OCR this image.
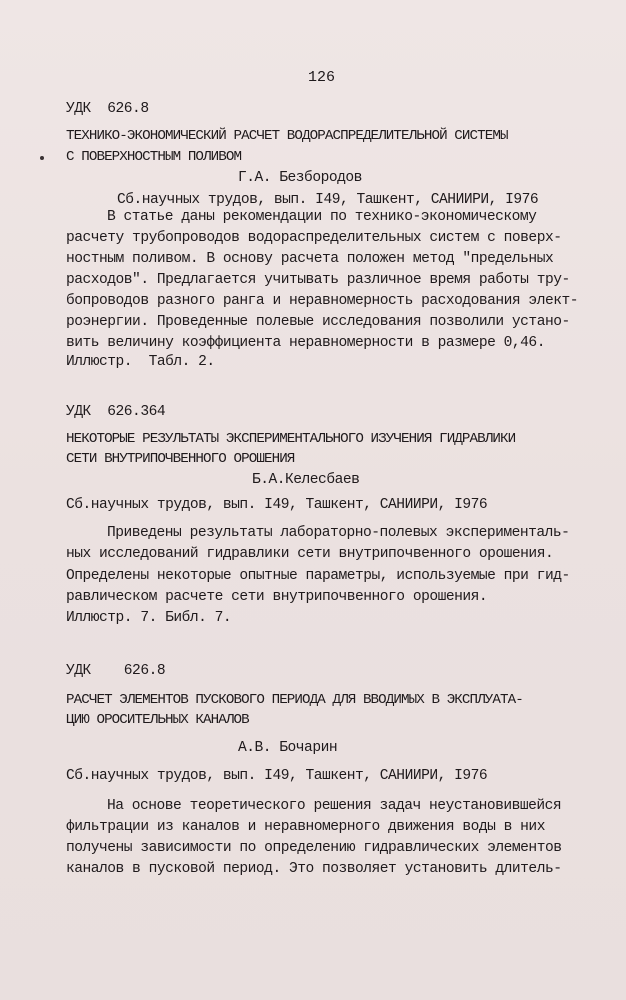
126
УДК  626.8
ТЕХНИКО-ЭКОНОМИЧЕСКИЙ РАСЧЕТ ВОДОРАСПРЕДЕЛИТЕЛЬНОЙ СИСТЕМЫ
С ПОВЕРХНОСТНЫМ ПОЛИВОМ
Г.А. Безбородов
Сб.научных трудов, вып. I49, Ташкент, САНИИРИ, I976
В статье даны рекомендации по технико-экономическому
расчету трубопроводов водораспределительных систем с поверх-
ностным поливом. В основу расчета положен метод "предельных
расходов". Предлагается учитывать различное время работы тру-
бопроводов разного ранга и неравномерность расходования элект-
роэнергии. Проведенные полевые исследования позволили устано-
вить величину коэффициента неравномерности в размере 0,46.
Иллюстр.  Табл. 2.
УДК  626.364
НЕКОТОРЫЕ РЕЗУЛЬТАТЫ ЭКСПЕРИМЕНТАЛЬНОГО ИЗУЧЕНИЯ ГИДРАВЛИКИ
СЕТИ ВНУТРИПОЧВЕННОГО ОРОШЕНИЯ
Б.А.Келесбаев
Сб.научных трудов, вып. I49, Ташкент, САНИИРИ, I976
Приведены результаты лабораторно-полевых эксперименталь-
ных исследований гидравлики сети внутрипочвенного орошения.
Определены некоторые опытные параметры, используемые при гид-
равлическом расчете сети внутрипочвенного орошения.
Иллюстр. 7. Библ. 7.
УДК    626.8
РАСЧЕТ ЭЛЕМЕНТОВ ПУСКОВОГО ПЕРИОДА ДЛЯ ВВОДИМЫХ В ЭКСПЛУАТА-
ЦИЮ ОРОСИТЕЛЬНЫХ КАНАЛОВ
А.В. Бочарин
Сб.научных трудов, вып. I49, Ташкент, САНИИРИ, I976
На основе теоретического решения задач неустановившейся
фильтрации из каналов и неравномерного движения воды в них
получены зависимости по определению гидравлических элементов
каналов в пусковой период. Это позволяет установить длитель-
